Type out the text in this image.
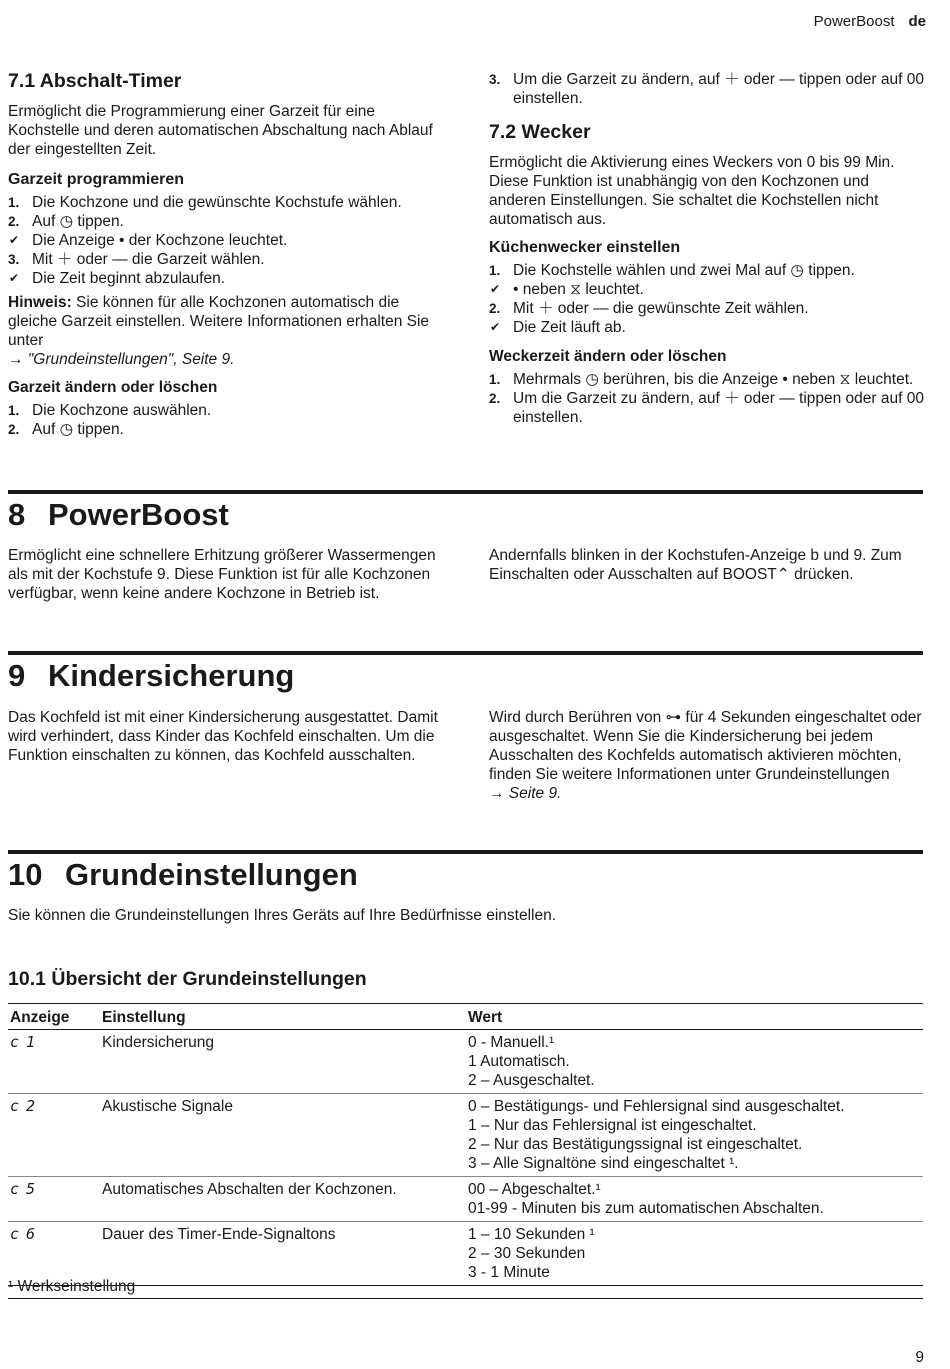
PowerBoost de
7.1 Abschalt-Timer

Ermöglicht die Programmierung einer Garzeit für eine Kochstelle und deren automatischen Abschaltung nach Ablauf der eingestellten Zeit.

Garzeit programmieren
1. Die Kochzone und die gewünschte Kochstufe wählen.
2. Auf ◷ tippen.
✔ Die Anzeige • der Kochzone leuchtet.
3. Mit ＋ oder — die Garzeit wählen.
✔ Die Zeit beginnt abzulaufen.

Hinweis: Sie können für alle Kochzonen automatisch die gleiche Garzeit einstellen. Weitere Informationen erhalten Sie unter
→ "Grundeinstellungen", Seite 9.

Garzeit ändern oder löschen
1. Die Kochzone auswählen.
2. Auf ◷ tippen.
3. Um die Garzeit zu ändern, auf ＋ oder — tippen oder auf 00 einstellen.
7.2 Wecker

Ermöglicht die Aktivierung eines Weckers von 0 bis 99 Min. Diese Funktion ist unabhängig von den Kochzonen und anderen Einstellungen. Sie schaltet die Kochstellen nicht automatisch aus.

Küchenwecker einstellen
1. Die Kochstelle wählen und zwei Mal auf ◷ tippen.
✔ • neben ⧖ leuchtet.
2. Mit ＋ oder — die gewünschte Zeit wählen.
✔ Die Zeit läuft ab.
Weckerzeit ändern oder löschen
1. Mehrmals ◷ berühren, bis die Anzeige • neben ⧖ leuchtet.
2. Um die Garzeit zu ändern, auf ＋ oder — tippen oder auf 00 einstellen.
8 PowerBoost

Ermöglicht eine schnellere Erhitzung größerer Wassermengen als mit der Kochstufe 9. Diese Funktion ist für alle Kochzonen verfügbar, wenn keine andere Kochzone in Betrieb ist.

Andernfalls blinken in der Kochstufen-Anzeige b und 9. Zum Einschalten oder Ausschalten auf BOOST⌃ drücken.

9 Kindersicherung

Das Kochfeld ist mit einer Kindersicherung ausgestattet. Damit wird verhindert, dass Kinder das Kochfeld einschalten. Um die Funktion einschalten zu können, das Kochfeld ausschalten.

Wird durch Berühren von ⊶ für 4 Sekunden eingeschaltet oder ausgeschaltet. Wenn Sie die Kindersicherung bei jedem Ausschalten des Kochfelds automatisch aktivieren möchten, finden Sie weitere Informationen unter Grundeinstellungen
→ Seite 9.

10 Grundeinstellungen

Sie können die Grundeinstellungen Ihres Geräts auf Ihre Bedürfnisse einstellen.

10.1 Übersicht der Grundeinstellungen
Anzeige	Einstellung	Wert
c 1	Kindersicherung	0 - Manuell.¹
1 Automatisch.
2 – Ausgeschaltet.

c 2	Akustische Signale	0 – Bestätigungs- und Fehlersignal sind ausgeschaltet.
1 – Nur das Fehlersignal ist eingeschaltet.
2 – Nur das Bestätigungssignal ist eingeschaltet.
3 – Alle Signaltöne sind eingeschaltet ¹.

c 5	Automatisches Abschalten der Kochzonen.	00 – Abgeschaltet.¹
01-99 - Minuten bis zum automatischen Abschalten.

c 6	Dauer des Timer-Ende-Signaltons	1 – 10 Sekunden ¹
2 – 30 Sekunden
3 - 1 Minute
¹ Werkseinstellung
9
